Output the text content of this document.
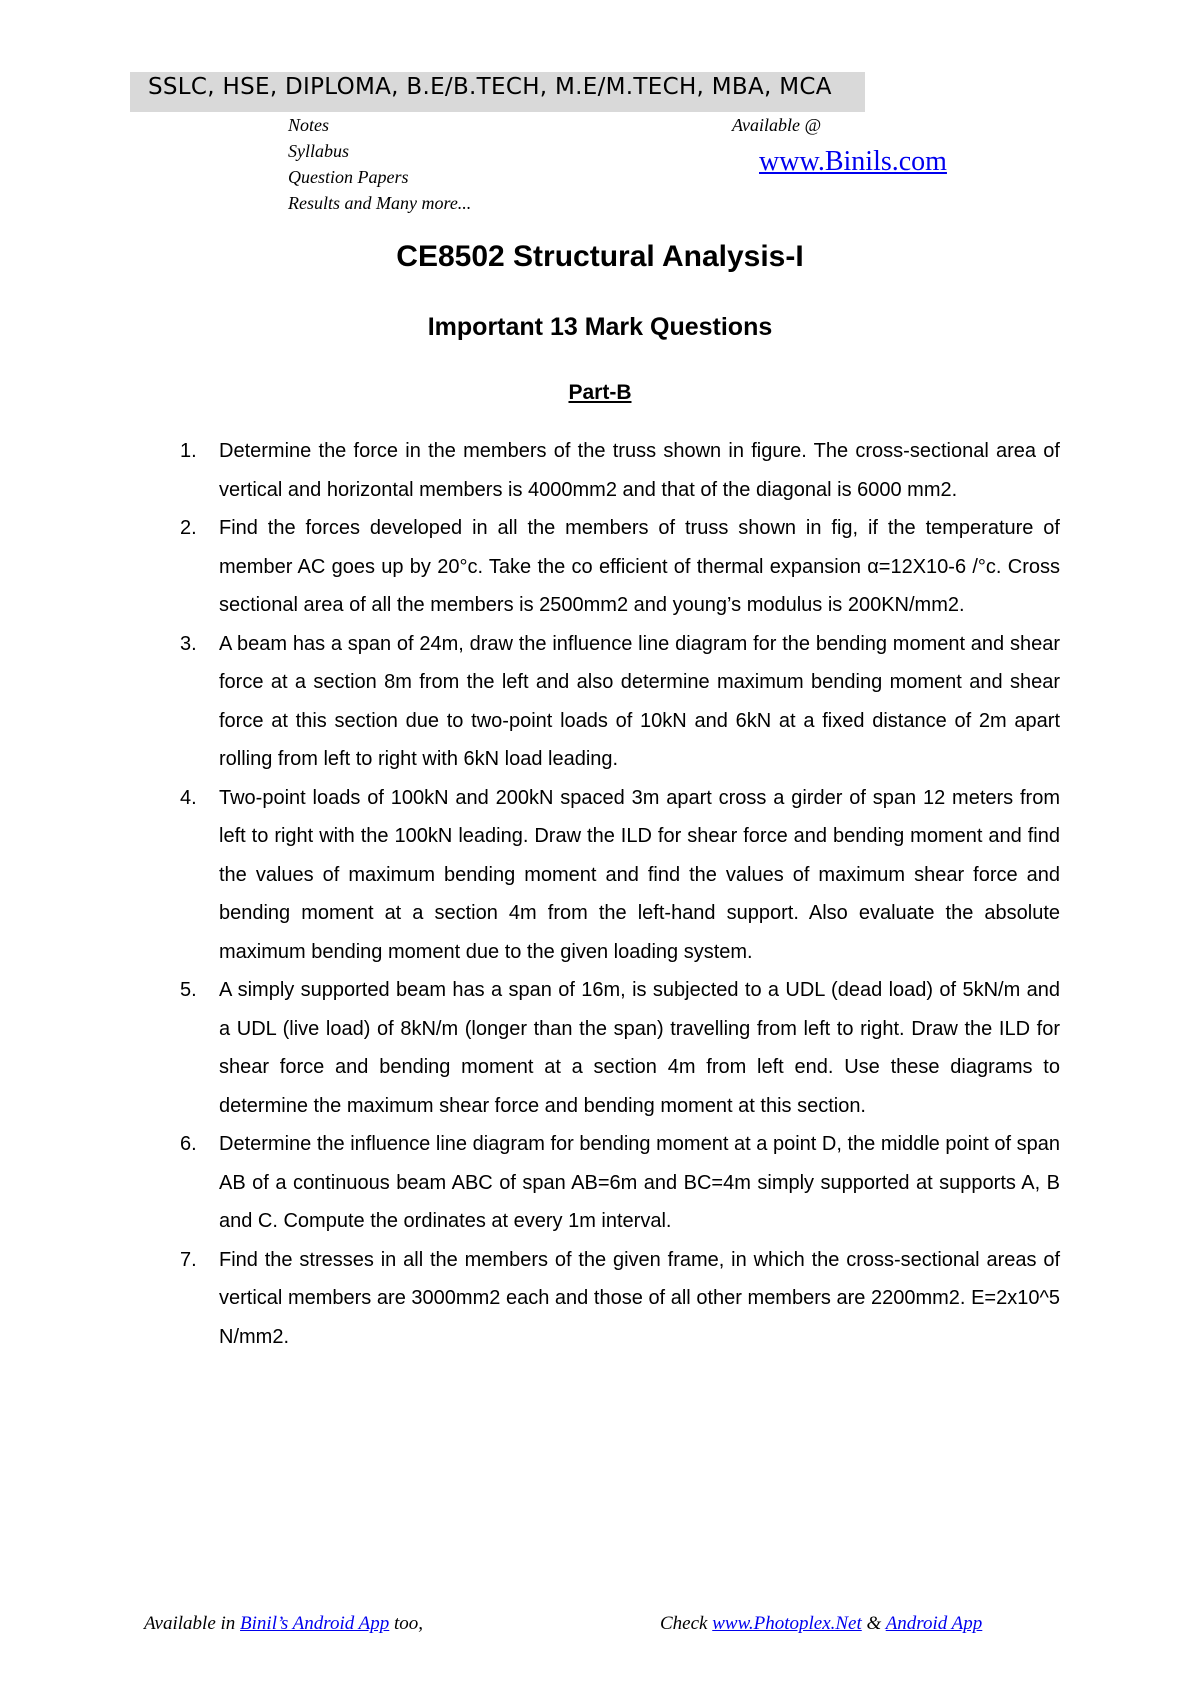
SSLC, HSE, DIPLOMA, B.E/B.TECH, M.E/M.TECH, MBA, MCA
Notes
Syllabus
Question Papers
Results and Many more...
Available @
www.Binils.com
CE8502 Structural Analysis-I
Important 13 Mark Questions
Part-B
1. Determine the force in the members of the truss shown in figure. The cross-sectional area of vertical and horizontal members is 4000mm2 and that of the diagonal is 6000 mm2.
2. Find the forces developed in all the members of truss shown in fig, if the temperature of member AC goes up by 20°c. Take the co efficient of thermal expansion α=12X10-6 /°c. Cross sectional area of all the members is 2500mm2 and young’s modulus is 200KN/mm2.
3. A beam has a span of 24m, draw the influence line diagram for the bending moment and shear force at a section 8m from the left and also determine maximum bending moment and shear force at this section due to two-point loads of 10kN and 6kN at a fixed distance of 2m apart rolling from left to right with 6kN load leading.
4. Two-point loads of 100kN and 200kN spaced 3m apart cross a girder of span 12 meters from left to right with the 100kN leading. Draw the ILD for shear force and bending moment and find the values of maximum bending moment and find the values of maximum shear force and bending moment at a section 4m from the left-hand support. Also evaluate the absolute maximum bending moment due to the given loading system.
5. A simply supported beam has a span of 16m, is subjected to a UDL (dead load) of 5kN/m and a UDL (live load) of 8kN/m (longer than the span) travelling from left to right. Draw the ILD for shear force and bending moment at a section 4m from left end. Use these diagrams to determine the maximum shear force and bending moment at this section.
6. Determine the influence line diagram for bending moment at a point D, the middle point of span AB of a continuous beam ABC of span AB=6m and BC=4m simply supported at supports A, B and C. Compute the ordinates at every 1m interval.
7. Find the stresses in all the members of the given frame, in which the cross-sectional areas of vertical members are 3000mm2 each and those of all other members are 2200mm2. E=2x10^5 N/mm2.
Available in Binil’s Android App too,	Check www.Photoplex.Net & Android App
